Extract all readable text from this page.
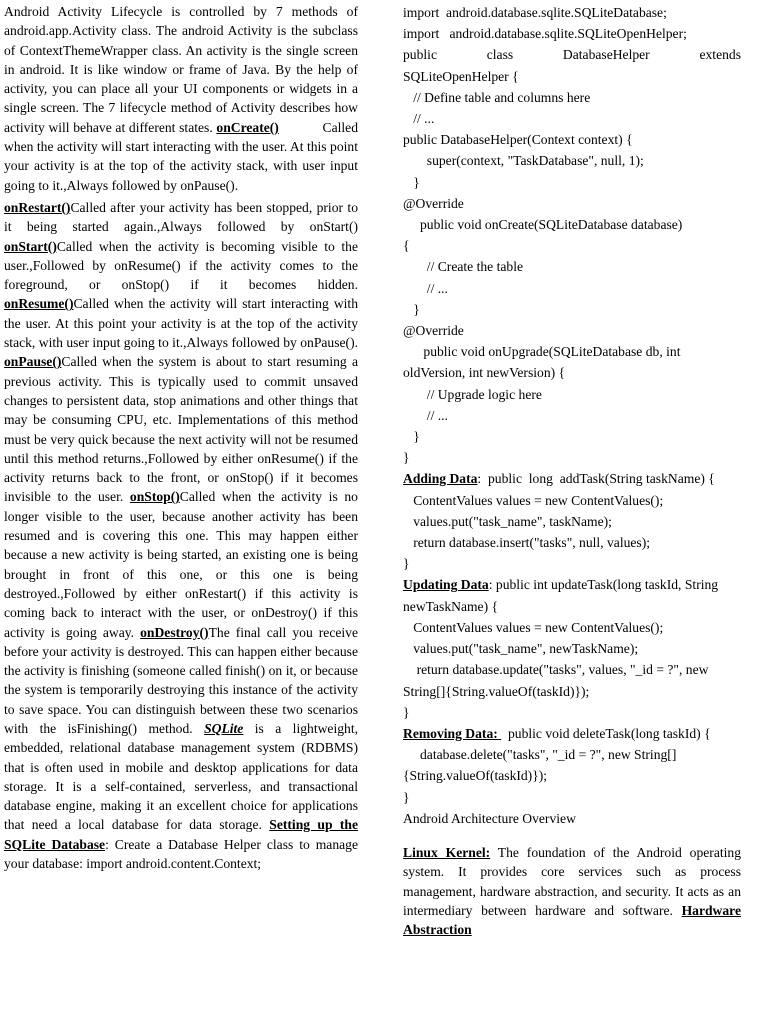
Android Activity Lifecycle is controlled by 7 methods of android.app.Activity class. The android Activity is the subclass of ContextThemeWrapper class. An activity is the single screen in android. It is like window or frame of Java. By the help of activity, you can place all your UI components or widgets in a single screen. The 7 lifecycle method of Activity describes how activity will behave at different states. onCreate()	Called when the activity will start interacting with the user. At this point your activity is at the top of the activity stack, with user input going to it.,Always followed by onPause().

onRestart()Called after your activity has been stopped, prior to it being started again.,Always followed by onStart() onStart()Called when the activity is becoming visible to the user.,Followed by onResume() if the activity comes to the foreground, or onStop() if it becomes hidden. onResume()Called when the activity will start interacting with the user. At this point your activity is at the top of the activity stack, with user input going to it.,Always followed by onPause(). onPause()Called when the system is about to start resuming a previous activity. This is typically used to commit unsaved changes to persistent data, stop animations and other things that may be consuming CPU, etc. Implementations of this method must be very quick because the next activity will not be resumed until this method returns.,Followed by either onResume() if the activity returns back to the front, or onStop() if it becomes invisible to the user. onStop()Called when the activity is no longer visible to the user, because another activity has been resumed and is covering this one. This may happen either because a new activity is being started, an existing one is being brought in front of this one, or this one is being destroyed.,Followed by either onRestart() if this activity is coming back to interact with the user, or onDestroy() if this activity is going away. onDestroy()The final call you receive before your activity is destroyed. This can happen either because the activity is finishing (someone called finish() on it, or because the system is temporarily destroying this instance of the activity to save space. You can distinguish between these two scenarios with the isFinishing() method. SQLite is a lightweight, embedded, relational database management system (RDBMS) that is often used in mobile and desktop applications for data storage. It is a self-contained, serverless, and transactional database engine, making it an excellent choice for applications that need a local database for data storage. Setting up the SQLite Database: Create a Database Helper class to manage your database: import android.content.Context;

import  android.database.sqlite.SQLiteDatabase;
import   android.database.sqlite.SQLiteOpenHelper;
public        class        DatabaseHelper        extends SQLiteOpenHelper {
// Define table and columns here
// ...
public DatabaseHelper(Context context) {
super(context, "TaskDatabase", null, 1);
}
@Override
public void onCreate(SQLiteDatabase database)
{
// Create the table
// ...
}
@Override
public void onUpgrade(SQLiteDatabase db, int oldVersion, int newVersion) {
// Upgrade logic here
// ...
}
}
Adding Data:  public  long  addTask(String taskName) {
ContentValues values = new ContentValues();
values.put("task_name", taskName);
return database.insert("tasks", null, values);
}
Updating Data: public int updateTask(long taskId, String newTaskName) {
ContentValues values = new ContentValues();
values.put("task_name", newTaskName);
return database.update("tasks", values, "_id = ?", new String[]{String.valueOf(taskId)});
}
Removing Data:   public void deleteTask(long taskId) {
database.delete("tasks", "_id = ?", new String[]{String.valueOf(taskId)});
}
Android Architecture Overview
Linux Kernel: The foundation of the Android operating system. It provides core services such as process management, hardware abstraction, and security. It acts as an intermediary between hardware and software. Hardware Abstraction
